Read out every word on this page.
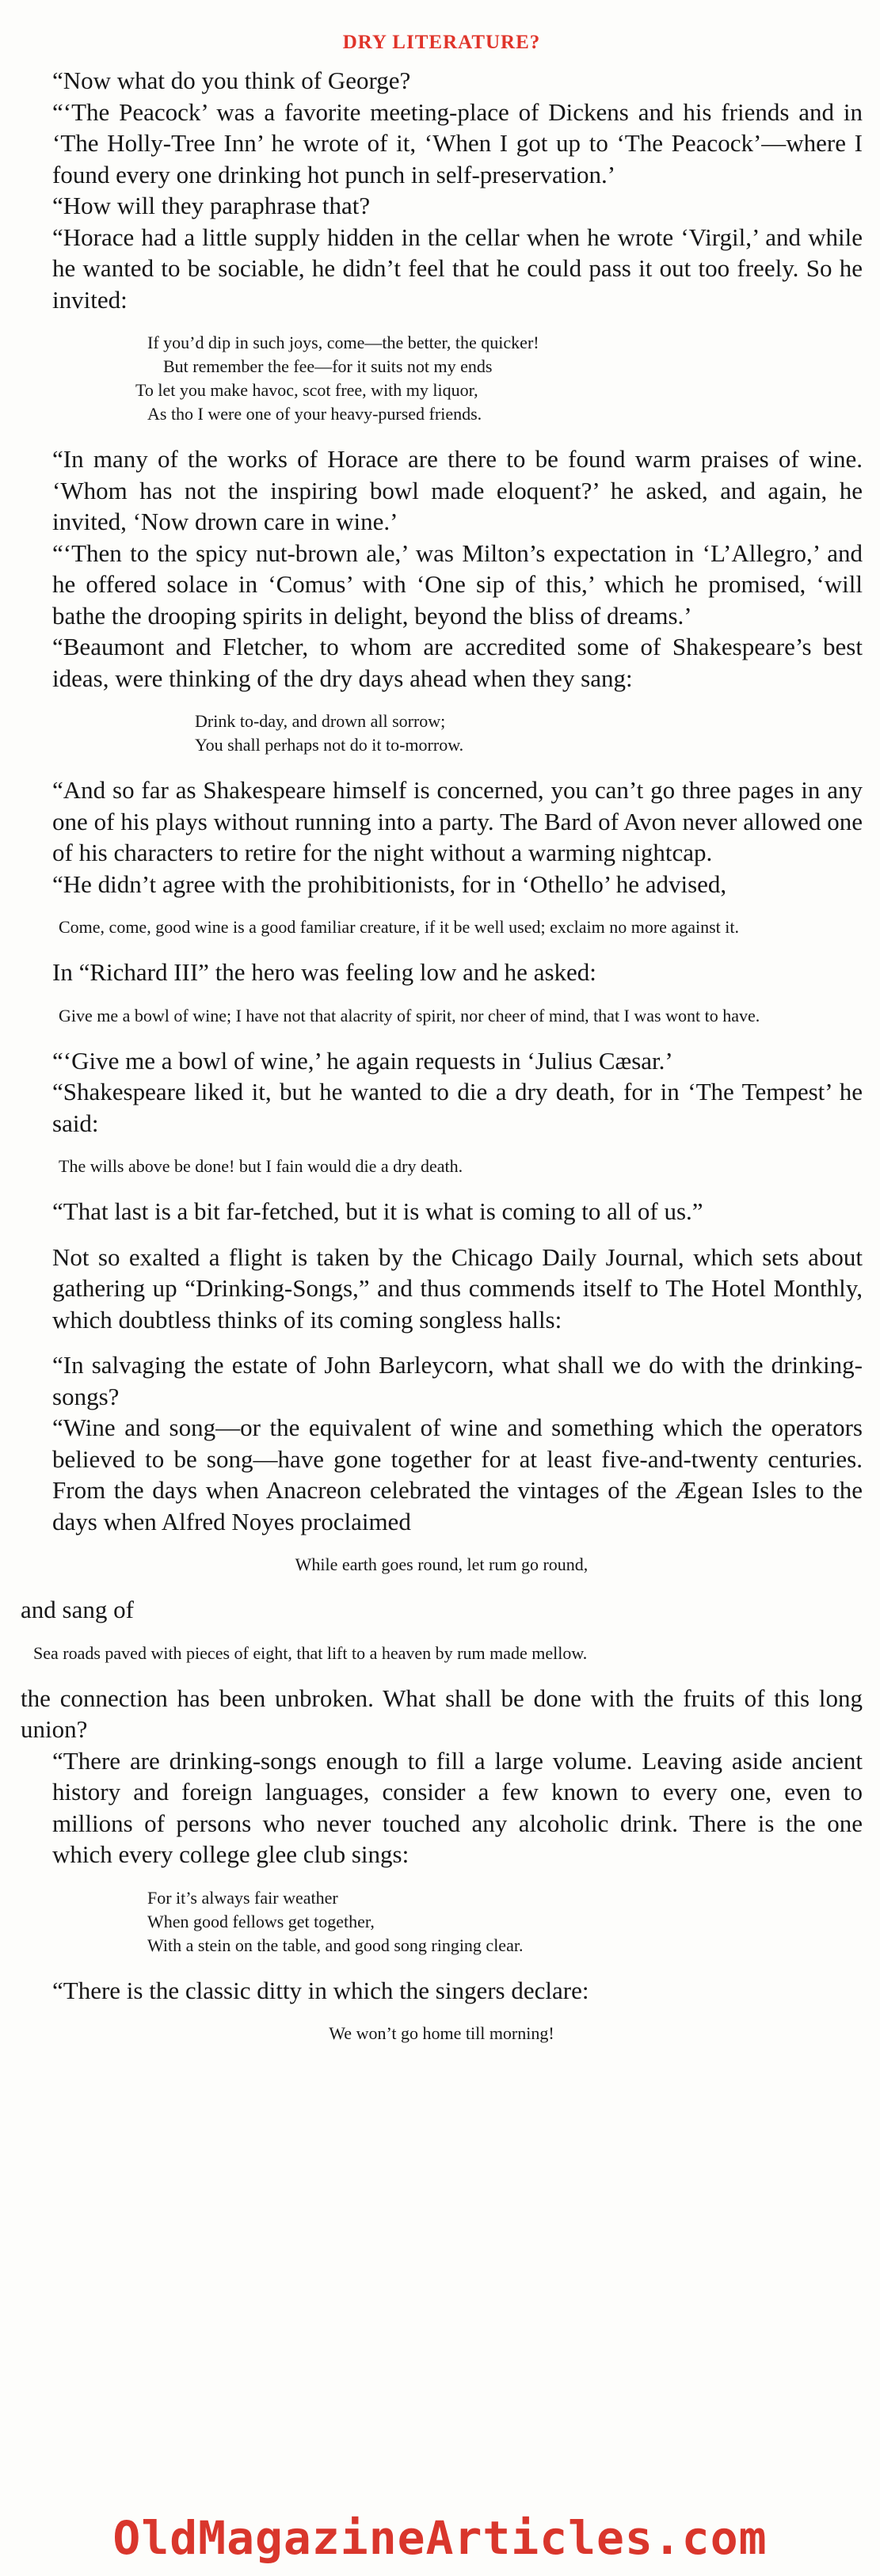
DRY LITERATURE?

“Now what do you think of George?

“‘The Peacock’ was a favorite meeting-place of Dickens and his friends and in ‘The Holly-Tree Inn’ he wrote of it, ‘When I got up to ‘The Peacock’—where I found every one drinking hot punch in self-preservation.’

“How will they paraphrase that?

“Horace had a little supply hidden in the cellar when he wrote ‘Virgil,’ and while he wanted to be sociable, he didn’t feel that he could pass it out too freely. So he invited:

If you’d dip in such joys, come—the better, the quicker!
But remember the fee—for it suits not my ends
To let you make havoc, scot free, with my liquor,
As tho I were one of your heavy-pursed friends.

“In many of the works of Horace are there to be found warm praises of wine. ‘Whom has not the inspiring bowl made eloquent?’ he asked, and again, he invited, ‘Now drown care in wine.’

“‘Then to the spicy nut-brown ale,’ was Milton’s expectation in ‘L’Allegro,’ and he offered solace in ‘Comus’ with ‘One sip of this,’ which he promised, ‘will bathe the drooping spirits in delight, beyond the bliss of dreams.’

“Beaumont and Fletcher, to whom are accredited some of Shakespeare’s best ideas, were thinking of the dry days ahead when they sang:

Drink to-day, and drown all sorrow;
You shall perhaps not do it to-morrow.

“And so far as Shakespeare himself is concerned, you can’t go three pages in any one of his plays without running into a party. The Bard of Avon never allowed one of his characters to retire for the night without a warming nightcap.

“He didn’t agree with the prohibitionists, for in ‘Othello’ he advised,

Come, come, good wine is a good familiar creature, if it be well used; exclaim no more against it.

In “Richard III” the hero was feeling low and he asked:

Give me a bowl of wine; I have not that alacrity of spirit, nor cheer of mind, that I was wont to have.

“‘Give me a bowl of wine,’ he again requests in ‘Julius Cæsar.’

“Shakespeare liked it, but he wanted to die a dry death, for in ‘The Tempest’ he said:

The wills above be done! but I fain would die a dry death.

“That last is a bit far-fetched, but it is what is coming to all of us.”

Not so exalted a flight is taken by the Chicago Daily Journal, which sets about gathering up “Drinking-Songs,” and thus commends itself to The Hotel Monthly, which doubtless thinks of its coming songless halls:

“In salvaging the estate of John Barleycorn, what shall we do with the drinking-songs?

“Wine and song—or the equivalent of wine and something which the operators believed to be song—have gone together for at least five-and-twenty centuries. From the days when Anacreon celebrated the vintages of the Ægean Isles to the days when Alfred Noyes proclaimed

While earth goes round, let rum go round,

and sang of

Sea roads paved with pieces of eight, that lift to a heaven by rum made mellow.

the connection has been unbroken. What shall be done with the fruits of this long union?

“There are drinking-songs enough to fill a large volume. Leaving aside ancient history and foreign languages, consider a few known to every one, even to millions of persons who never touched any alcoholic drink. There is the one which every college glee club sings:

For it’s always fair weather
When good fellows get together,
With a stein on the table, and good song ringing clear.

“There is the classic ditty in which the singers declare:

We won’t go home till morning!
OldMagazineArticles.com
